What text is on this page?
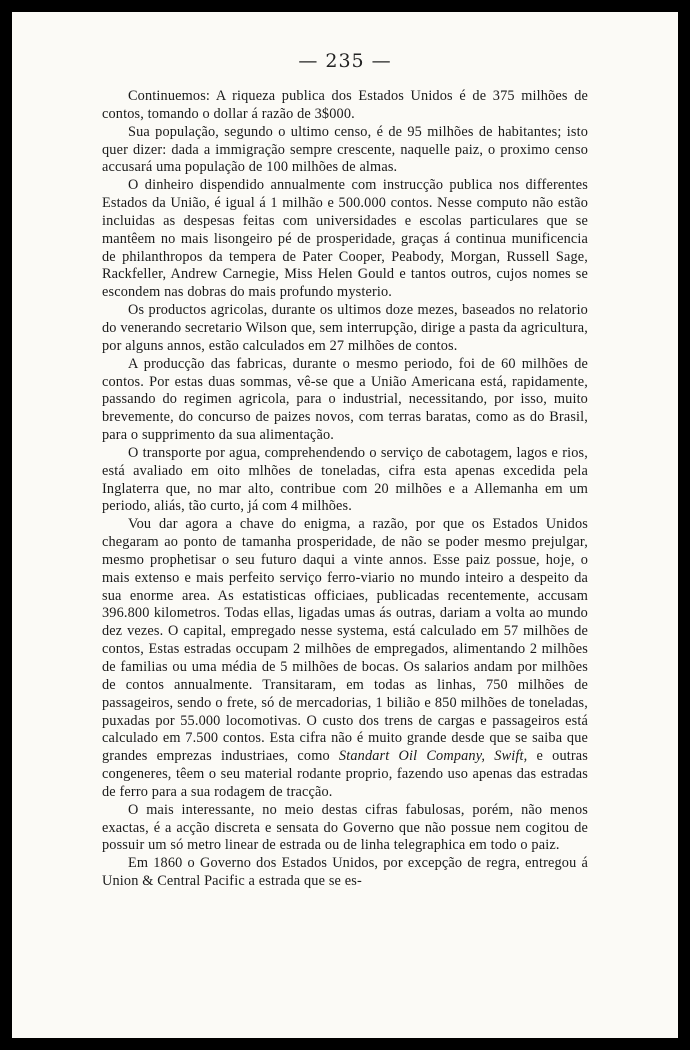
— 235 —

Continuemos: A riqueza publica dos Estados Unidos é de 375 milhões de contos, tomando o dollar á razão de 3$000.

Sua população, segundo o ultimo censo, é de 95 milhões de habitantes; isto quer dizer: dada a immigração sempre crescente, naquelle paiz, o proximo censo accusará uma população de 100 milhões de almas.

O dinheiro dispendido annualmente com instrucção publica nos differentes Estados da União, é igual á 1 milhão e 500.000 contos. Nesse computo não estão incluidas as despesas feitas com universidades e escolas particulares que se mantêem no mais lisongeiro pé de prosperidade, graças á continua munificencia de philanthropos da tempera de Pater Cooper, Peabody, Morgan, Russell Sage, Rackfeller, Andrew Carnegie, Miss Helen Gould e tantos outros, cujos nomes se escondem nas dobras do mais profundo mysterio.

Os productos agricolas, durante os ultimos doze mezes, baseados no relatorio do venerando secretario Wilson que, sem interrupção, dirige a pasta da agricultura, por alguns annos, estão calculados em 27 milhões de contos.

A producção das fabricas, durante o mesmo periodo, foi de 60 milhões de contos. Por estas duas sommas, vê-se que a União Americana está, rapidamente, passando do regimen agricola, para o industrial, necessitando, por isso, muito brevemente, do concurso de paizes novos, com terras baratas, como as do Brasil, para o supprimento da sua alimentação.

O transporte por agua, comprehendendo o serviço de cabotagem, lagos e rios, está avaliado em oito mlhões de toneladas, cifra esta apenas excedida pela Inglaterra que, no mar alto, contribue com 20 milhões e a Allemanha em um periodo, aliás, tão curto, já com 4 milhões.

Vou dar agora a chave do enigma, a razão, por que os Estados Unidos chegaram ao ponto de tamanha prosperidade, de não se poder mesmo prejulgar, mesmo prophetisar o seu futuro daqui a vinte annos. Esse paiz possue, hoje, o mais extenso e mais perfeito serviço ferro-viario no mundo inteiro a despeito da sua enorme area. As estatisticas officiaes, publicadas recentemente, accusam 396.800 kilometros. Todas ellas, ligadas umas ás outras, dariam a volta ao mundo dez vezes. O capital, empregado nesse systema, está calculado em 57 milhões de contos, Estas estradas occupam 2 milhões de empregados, alimentando 2 milhões de familias ou uma média de 5 milhões de bocas. Os salarios andam por milhões de contos annualmente. Transitaram, em todas as linhas, 750 milhões de passageiros, sendo o frete, só de mercadorias, 1 bilião e 850 milhões de toneladas, puxadas por 55.000 locomotivas. O custo dos trens de cargas e passageiros está calculado em 7.500 contos. Esta cifra não é muito grande desde que se saiba que grandes emprezas industriaes, como Standart Oil Company, Swift, e outras congeneres, têem o seu material rodante proprio, fazendo uso apenas das estradas de ferro para a sua rodagem de tracção.

O mais interessante, no meio destas cifras fabulosas, porém, não menos exactas, é a acção discreta e sensata do Governo que não possue nem cogitou de possuir um só metro linear de estrada ou de linha telegraphica em todo o paiz.

Em 1860 o Governo dos Estados Unidos, por excepção de regra, entregou á Union & Central Pacific a estrada que se es-
